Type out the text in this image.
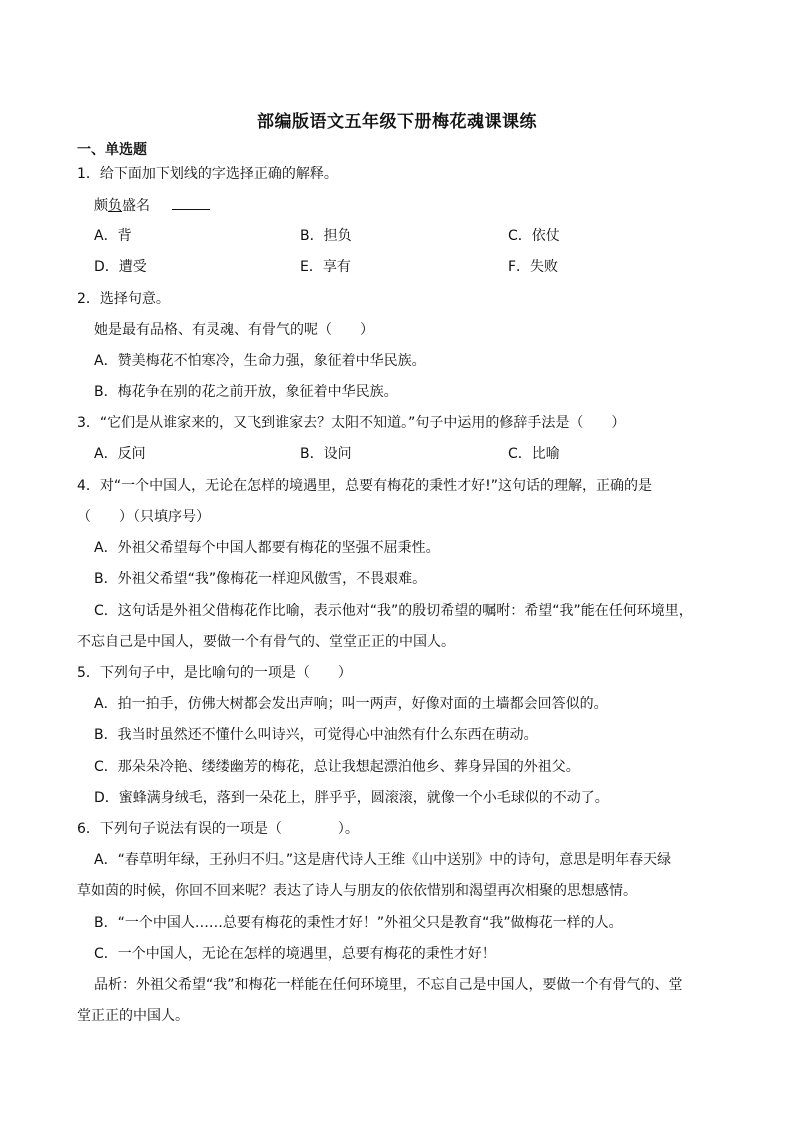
部编版语文五年级下册梅花魂课课练
一、单选题
1．给下面加下划线的字选择正确的解释。
颇负盛名
A．背	B．担负	C．依仗
D．遭受	E．享有	F．失败
2．选择句意。
她是最有品格、有灵魂、有骨气的呢（　　）
A．赞美梅花不怕寒冷，生命力强，象征着中华民族。
B．梅花争在别的花之前开放，象征着中华民族。
3．“它们是从谁家来的，又飞到谁家去？太阳不知道。”句子中运用的修辞手法是（　　）
A．反问	B．设问	C．比喻
4．对“一个中国人，无论在怎样的境遇里，总要有梅花的秉性才好!”这句话的理解，正确的是
（　　）（只填序号）
A．外祖父希望每个中国人都要有梅花的坚强不屈秉性。
B．外祖父希望“我”像梅花一样迎风傲雪，不畏艰难。
C．这句话是外祖父借梅花作比喻，表示他对“我”的殷切希望的嘱咐：希望“我”能在任何环境里，
不忘自己是中国人，要做一个有骨气的、堂堂正正的中国人。
5．下列句子中，是比喻句的一项是（　　）
A．拍一拍手，仿佛大树都会发出声响；叫一两声，好像对面的土墙都会回答似的。
B．我当时虽然还不懂什么叫诗兴，可觉得心中油然有什么东西在萌动。
C．那朵朵冷艳、缕缕幽芳的梅花，总让我想起漂泊他乡、葬身异国的外祖父。
D．蜜蜂满身绒毛，落到一朵花上，胖乎乎，圆滚滚，就像一个小毛球似的不动了。
6．下列句子说法有误的一项是（　　　　）。
A．“春草明年绿，王孙归不归。”这是唐代诗人王维《山中送别》中的诗句，意思是明年春天绿
草如茵的时候，你回不回来呢？表达了诗人与朋友的依依惜别和渴望再次相聚的思想感情。
B．“一个中国人……总要有梅花的秉性才好！”外祖父只是教育“我”做梅花一样的人。
C．一个中国人，无论在怎样的境遇里，总要有梅花的秉性才好！
品析：外祖父希望“我”和梅花一样能在任何环境里，不忘自己是中国人，要做一个有骨气的、堂
堂正正的中国人。
